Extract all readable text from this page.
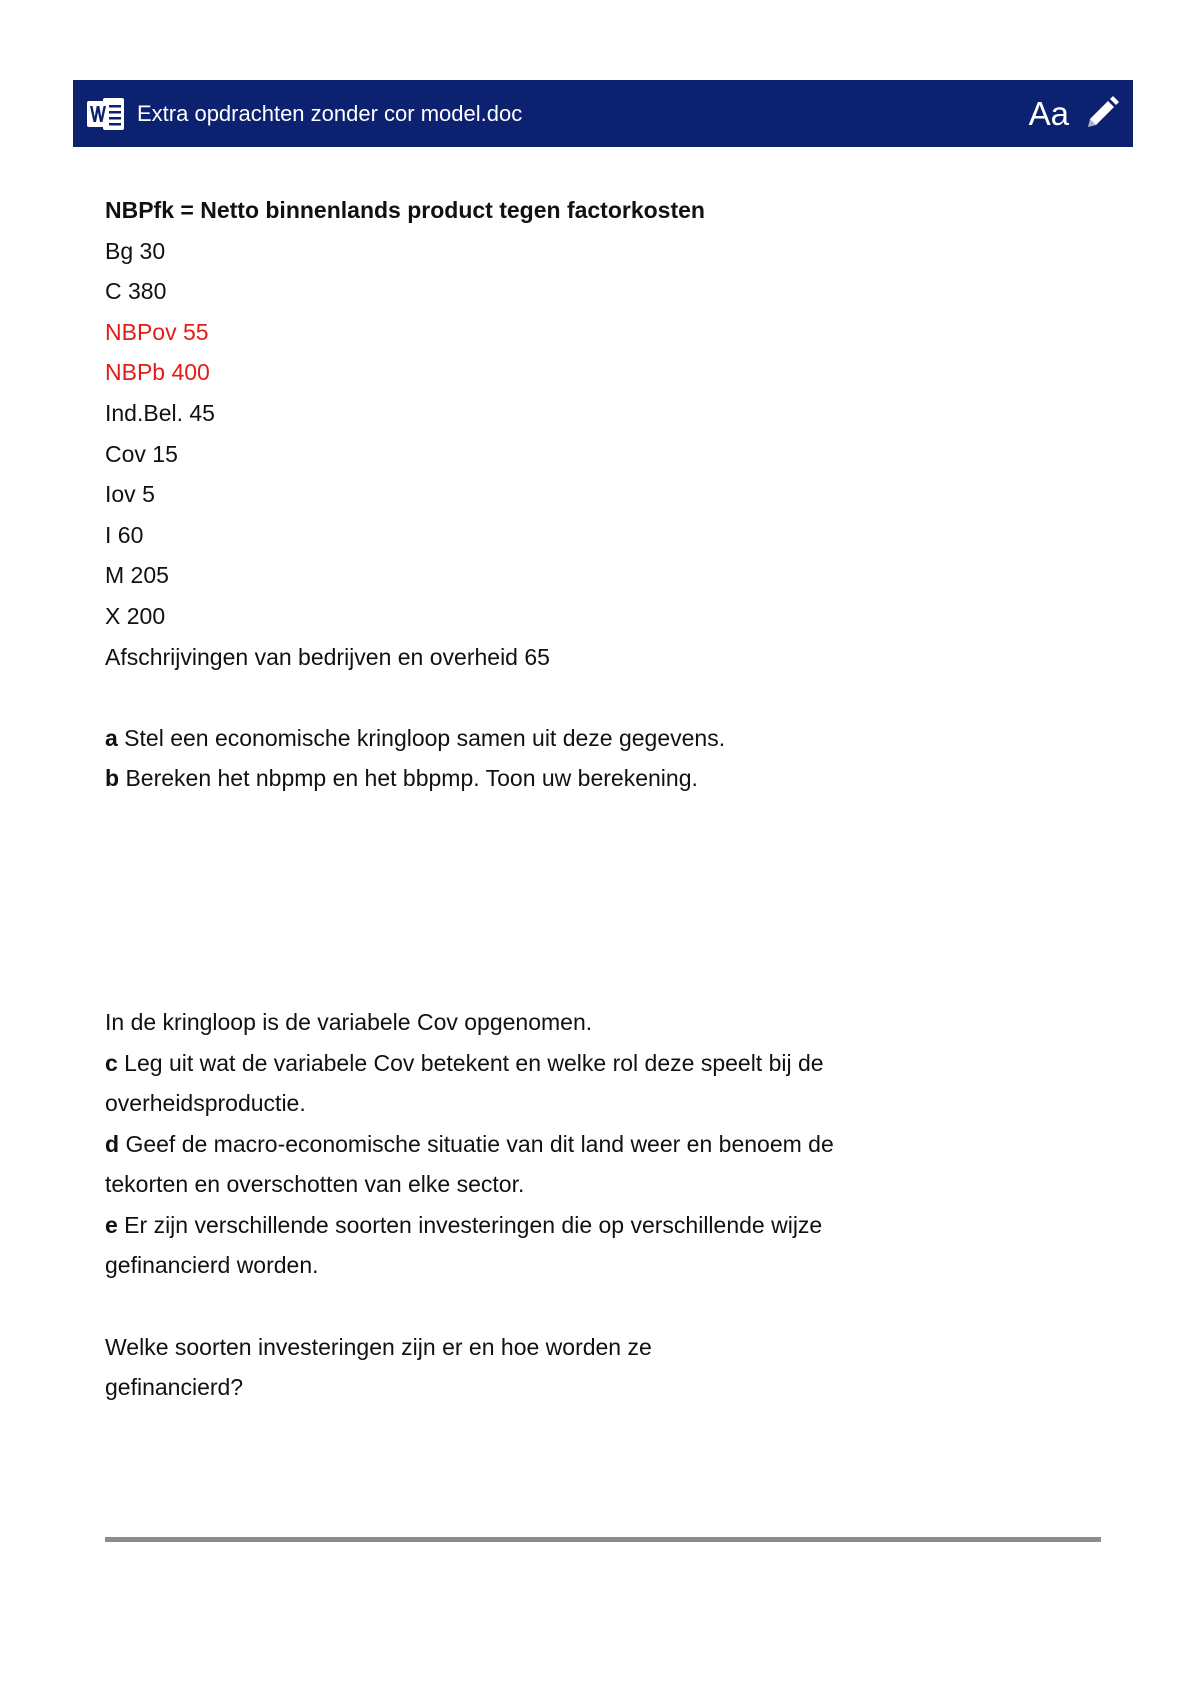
Extra opdrachten zonder cor model.doc	Aa
NBPfk = Netto binnenlands product tegen factorkosten
Bg 30
C 380
NBPov 55
NBPb 400
Ind.Bel. 45
Cov 15
Iov 5
I 60
M 205
X 200
Afschrijvingen van bedrijven en overheid 65
a Stel een economische kringloop samen uit deze gegevens.
b Bereken het nbpmp en het bbpmp. Toon uw berekening.
In de kringloop is de variabele Cov opgenomen.
c Leg uit wat de variabele Cov betekent en welke rol deze speelt bij de
overheidsproductie.
d Geef de macro-economische situatie van dit land weer en benoem de
tekorten en overschotten van elke sector.
e Er zijn verschillende soorten investeringen die op verschillende wijze
gefinancierd worden.
Welke soorten investeringen zijn er en hoe worden ze
gefinancierd?
